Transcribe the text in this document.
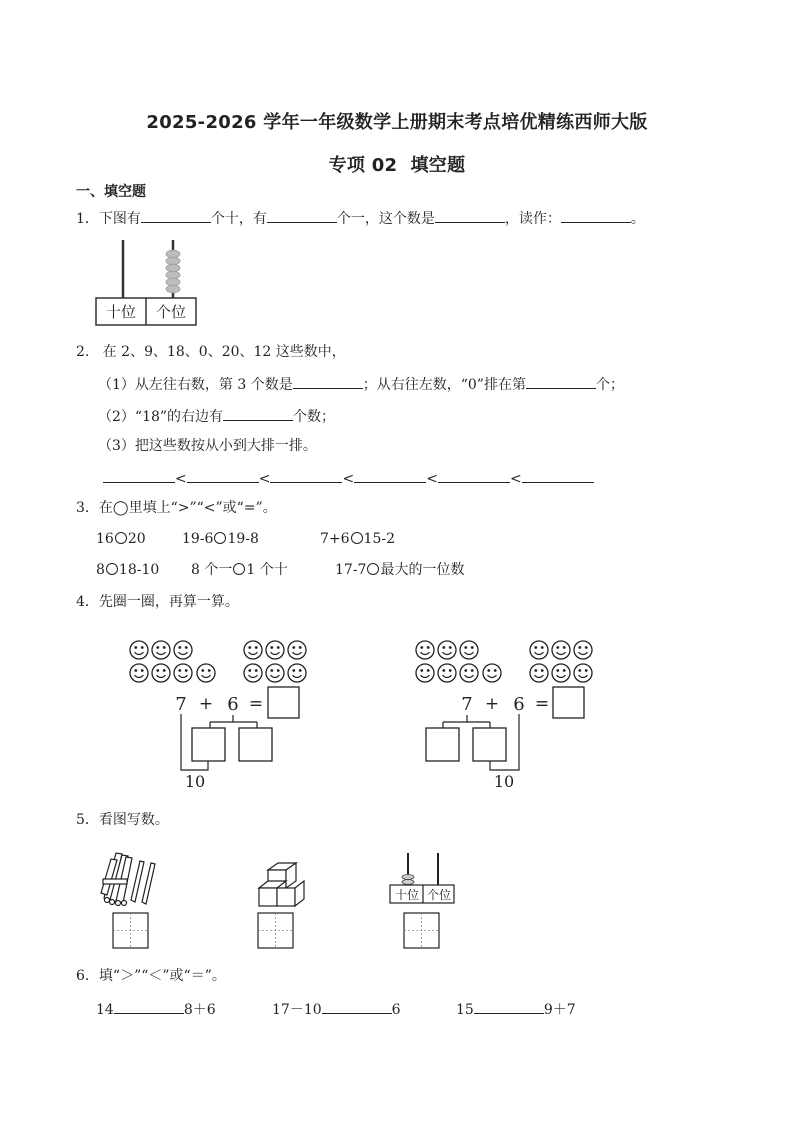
2025-2026 学年一年级数学上册期末考点培优精练西师大版
专项 02  填空题
一、填空题
1．下图有	个十，有	个一，这个数是	，读作：	。
十位 个位
2.   在 2、9、18、0、20、12 这些数中，
（1）从左往右数，第 3 个数是	；从右往左数，“0”排在第	个；
（2）“18”的右边有	个数；
（3）把这些数按从小到大排一排。
<	<	<	<	<
3．在◯里填上“>”“<”或“=”。
16 20	19-6 19-8	7+6 15-2
8 18-10 8 个一 1 个十	17-7 最大的一位数
4．先圈一圈，再算一算。
7 + 6 =
10
7 + 6 =
10
5．看图写数。
十位 个位
6．填“＞”“＜”或“＝”。
14	8＋6	17－10	6	15	9＋7
